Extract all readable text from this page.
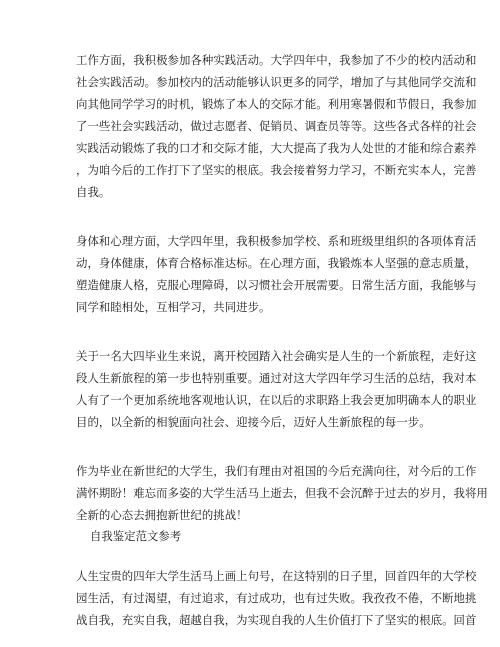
工作方面，我积极参加各种实践活动。大学四年中，我参加了不少的校内活动和
社会实践活动。参加校内的活动能够认识更多的同学，增加了与其他同学交流和
向其他同学学习的时机，锻炼了本人的交际才能。利用寒暑假和节假日，我参加
了一些社会实践活动，做过志愿者、促销员、调查员等等。这些各式各样的社会
实践活动锻炼了我的口才和交际才能，大大提高了我为人处世的才能和综合素养
，为咱今后的工作打下了坚实的根底。我会接着努力学习，不断充实本人，完善
自我。
身体和心理方面，大学四年里，我积极参加学校、系和班级里组织的各项体育活
动，身体健康，体育合格标准达标。在心理方面，我锻炼本人坚强的意志质量，
塑造健康人格，克服心理障碍，以习惯社会开展需要。日常生活方面，我能够与
同学和睦相处，互相学习，共同进步。
关于一名大四毕业生来说，离开校园踏入社会确实是人生的一个新旅程，走好这
段人生新旅程的第一步也特别重要。通过对这大学四年学习生活的总结，我对本
人有了一个更加系统地客观地认识，在以后的求职路上我会更加明确本人的职业
目的，以全新的相貌面向社会、迎接今后，迈好人生新旅程的每一步。
作为毕业在新世纪的大学生，我们有理由对祖国的今后充满向往，对今后的工作
满怀期盼！难忘而多姿的大学生活马上逝去，但我不会沉醉于过去的岁月，我将用
全新的心态去拥抱新世纪的挑战！
自我鉴定范文参考
人生宝贵的四年大学生活马上画上句号，在这特别的日子里，回首四年的大学校
园生活，有过渴望，有过追求，有过成功，也有过失败。我孜孜不倦，不断地挑
战自我，充实自我，超越自我，为实现自我的人生价值打下了坚实的根底。回首
